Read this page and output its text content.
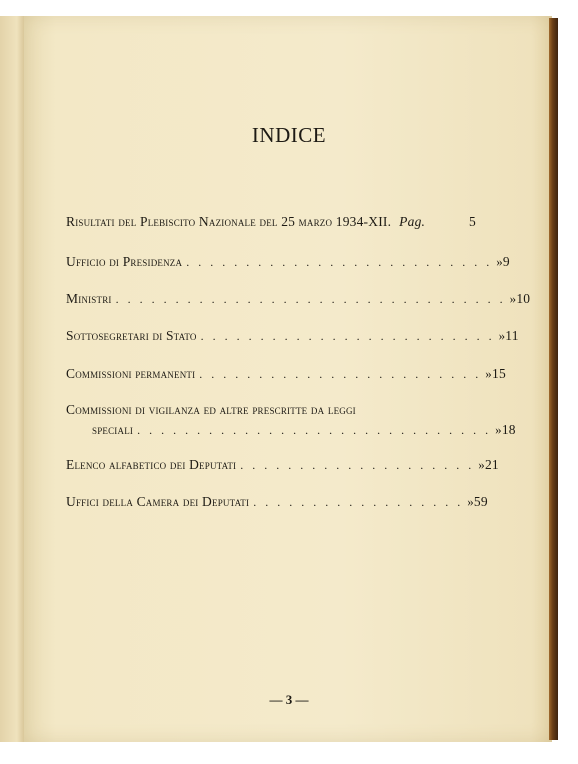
INDICE
Risultati del Plebiscito Nazionale del 25 marzo 1934-XII. Pag.	5
Ufficio di Presidenza . . . . . . . . . . . . . . . . . . . . . . . . . . » 9
Ministri . . . . . . . . . . . . . . . . . . . . . . . . . . . . . . . . . » 10
Sottosegretari di Stato . . . . . . . . . . . . . . . . . . . . . . . . . » 11
Commissioni permanenti . . . . . . . . . . . . . . . . . . . . . . . . » 15
Commissioni di vigilanza ed altre prescritte da leggi
speciali . . . . . . . . . . . . . . . . . . . . . . . . . . . . . . » 18
Elenco alfabetico dei Deputati . . . . . . . . . . . . . . . . . . . . » 21
Uffici della Camera dei Deputati . . . . . . . . . . . . . . . . . . » 59
— 3 —
